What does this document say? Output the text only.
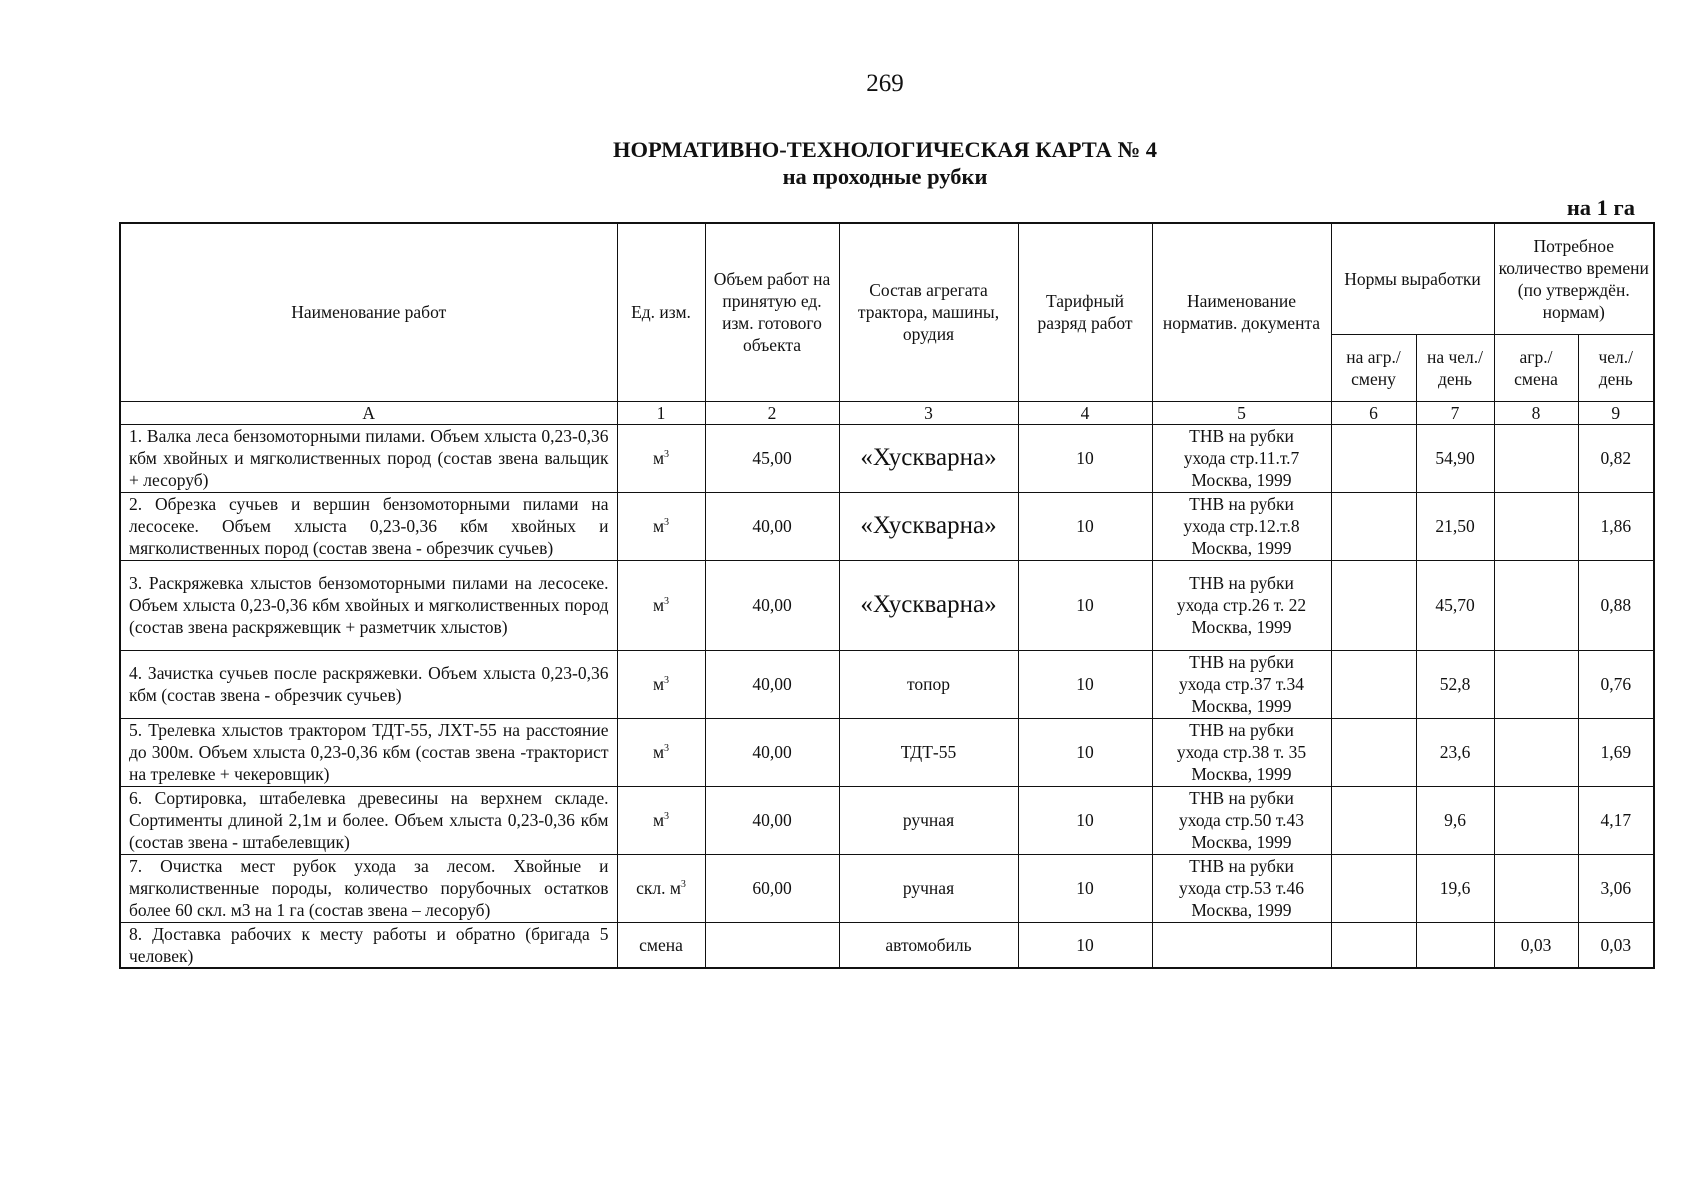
269
НОРМАТИВНО-ТЕХНОЛОГИЧЕСКАЯ КАРТА № 4
на проходные рубки
на 1 га
Наименование работ	Ед. изм.	Объем работ на принятую ед. изм. готового объекта	Состав агрегата трактора, машины, орудия	Тарифный разряд работ	Наименование норматив. документа	Нормы выработки		Потребное количество времени (по утверждён. нормам)	
						на агр./ смену	на чел./ день	агр./ смена	чел./ день
А	1	2	3	4	5	6	7	8	9
1. Валка леса бензомоторными пилами. Объем хлыста 0,23-0,36 кбм хвойных и мягколиственных пород (состав звена вальщик + лесоруб)	$м^3$	45,00	«Хускварна»	10	ТНВ на рубки
ухода стр.11.т.7
Москва, 1999		54,90		0,82
2. Обрезка сучьев и вершин бензомоторными пилами на лесосеке. Объем хлыста 0,23-0,36 кбм хвойных и мягколиственных пород (состав звена - обрезчик сучьев)	$м^3$	40,00	«Хускварна»	10	ТНВ на рубки
ухода стр.12.т.8
Москва, 1999		21,50		1,86
3. Раскряжевка хлыстов бензомоторными пилами на лесосеке. Объем хлыста 0,23-0,36 кбм хвойных и мягколиственных пород (состав звена раскряжевщик + разметчик хлыстов)	$м^3$	40,00	«Хускварна»	10	ТНВ на рубки
ухода стр.26 т. 22
Москва, 1999		45,70		0,88
4. Зачистка сучьев после раскряжевки. Объем хлыста 0,23-0,36 кбм (состав звена - обрезчик сучьев)	$м^3$	40,00	топор	10	ТНВ на рубки
ухода стр.37 т.34
Москва, 1999		52,8		0,76
5. Трелевка хлыстов трактором ТДТ-55, ЛХТ-55 на расстояние до 300м. Объем хлыста 0,23-0,36 кбм (состав звена -тракторист на трелевке + чекеровщик)	$м^3$	40,00	ТДТ-55	10	ТНВ на рубки
ухода стр.38 т. 35
Москва, 1999		23,6		1,69
6. Сортировка, штабелевка древесины на верхнем складе. Сортименты длиной 2,1м и более. Объем хлыста 0,23-0,36 кбм (состав звена - штабелевщик)	$м^3$	40,00	ручная	10	ТНВ на рубки
ухода стр.50 т.43
Москва, 1999		9,6		4,17
7. Очистка мест рубок ухода за лесом. Хвойные и мягколиственные породы, количество порубочных остатков более 60 скл. м3 на 1 га (состав звена – лесоруб)	скл. $м^3$	60,00	ручная	10	ТНВ на рубки
ухода стр.53 т.46
Москва, 1999		19,6		3,06
8. Доставка рабочих к месту работы и обратно (бригада 5 человек)	смена		автомобиль	10				0,03	0,03
